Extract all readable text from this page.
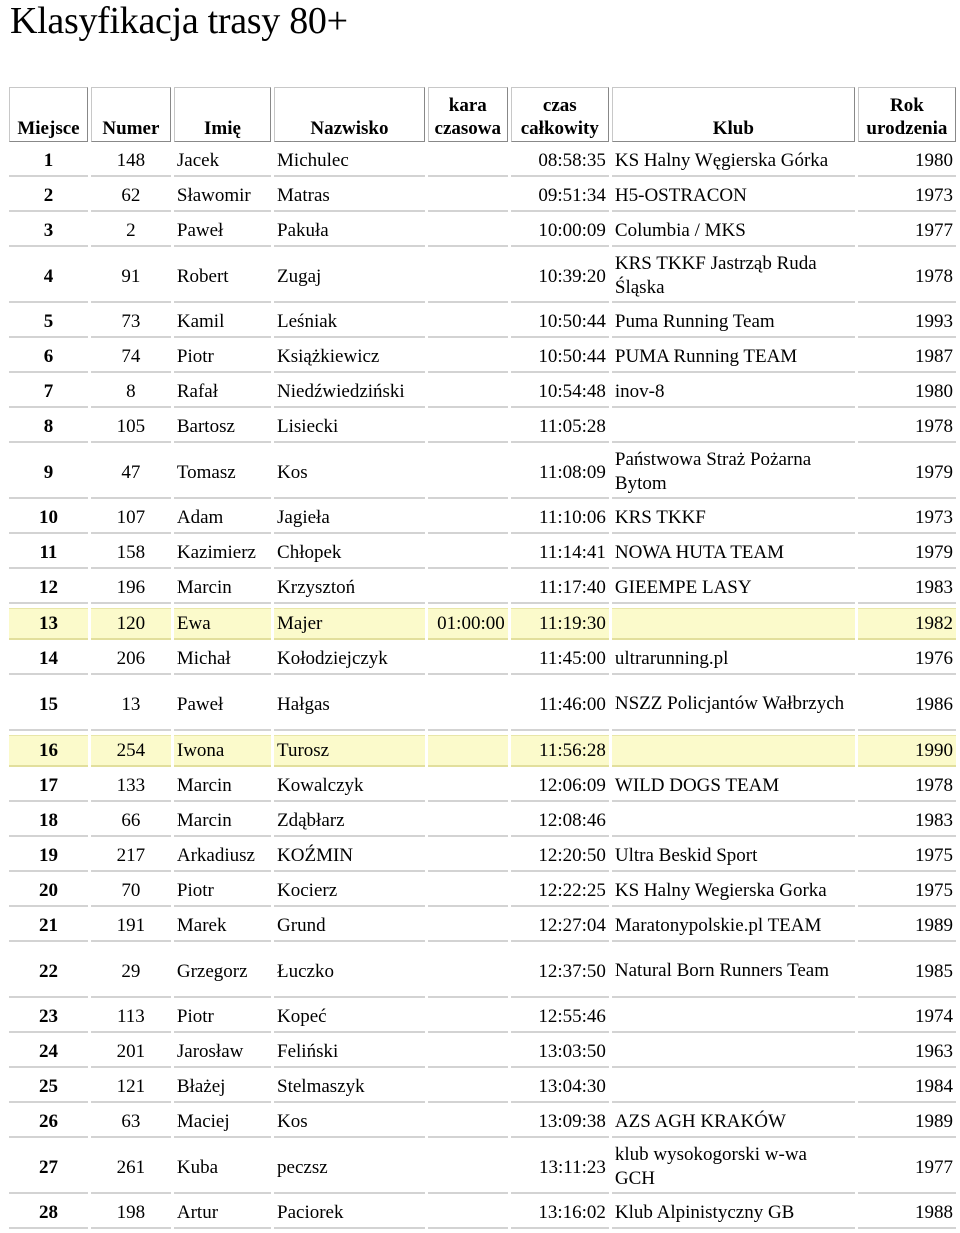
Klasyfikacja trasy 80+
Miejsce	Numer	Imię	Nazwisko	kara czasowa	czas całkowity	Klub	Rok urodzenia
1	148	Jacek	Michulec		08:58:35	KS Halny Węgierska Górka	1980
2	62	Sławomir	Matras		09:51:34	H5-OSTRACON	1973
3	2	Paweł	Pakuła		10:00:09	Columbia / MKS	1977
4	91	Robert	Zugaj		10:39:20	KRS TKKF Jastrząb Ruda Śląska	1978
5	73	Kamil	Leśniak		10:50:44	Puma Running Team	1993
6	74	Piotr	Książkiewicz		10:50:44	PUMA Running TEAM	1987
7	8	Rafał	Niedźwiedziński		10:54:48	inov-8	1980
8	105	Bartosz	Lisiecki		11:05:28		1978
9	47	Tomasz	Kos		11:08:09	Państwowa Straż Pożarna Bytom	1979
10	107	Adam	Jagieła		11:10:06	KRS TKKF	1973
11	158	Kazimierz	Chłopek		11:14:41	NOWA HUTA TEAM	1979
12	196	Marcin	Krzysztoń		11:17:40	GIEEMPE LASY	1983
13	120	Ewa	Majer	01:00:00	11:19:30		1982
14	206	Michał	Kołodziejczyk		11:45:00	ultrarunning.pl	1976
15	13	Paweł	Hałgas		11:46:00	NSZZ Policjantów Wałbrzych	1986
16	254	Iwona	Turosz		11:56:28		1990
17	133	Marcin	Kowalczyk		12:06:09	WILD DOGS TEAM	1978
18	66	Marcin	Zdąbłarz		12:08:46		1983
19	217	Arkadiusz	KOŹMIN		12:20:50	Ultra Beskid Sport	1975
20	70	Piotr	Kocierz		12:22:25	KS Halny Wegierska Gorka	1975
21	191	Marek	Grund		12:27:04	Maratonypolskie.pl TEAM	1989
22	29	Grzegorz	Łuczko		12:37:50	Natural Born Runners Team	1985
23	113	Piotr	Kopeć		12:55:46		1974
24	201	Jarosław	Feliński		13:03:50		1963
25	121	Błażej	Stelmaszyk		13:04:30		1984
26	63	Maciej	Kos		13:09:38	AZS AGH KRAKÓW	1989
27	261	Kuba	peczsz		13:11:23	klub wysokogorski w-wa GCH	1977
28	198	Artur	Paciorek		13:16:02	Klub Alpinistyczny GB	1988
